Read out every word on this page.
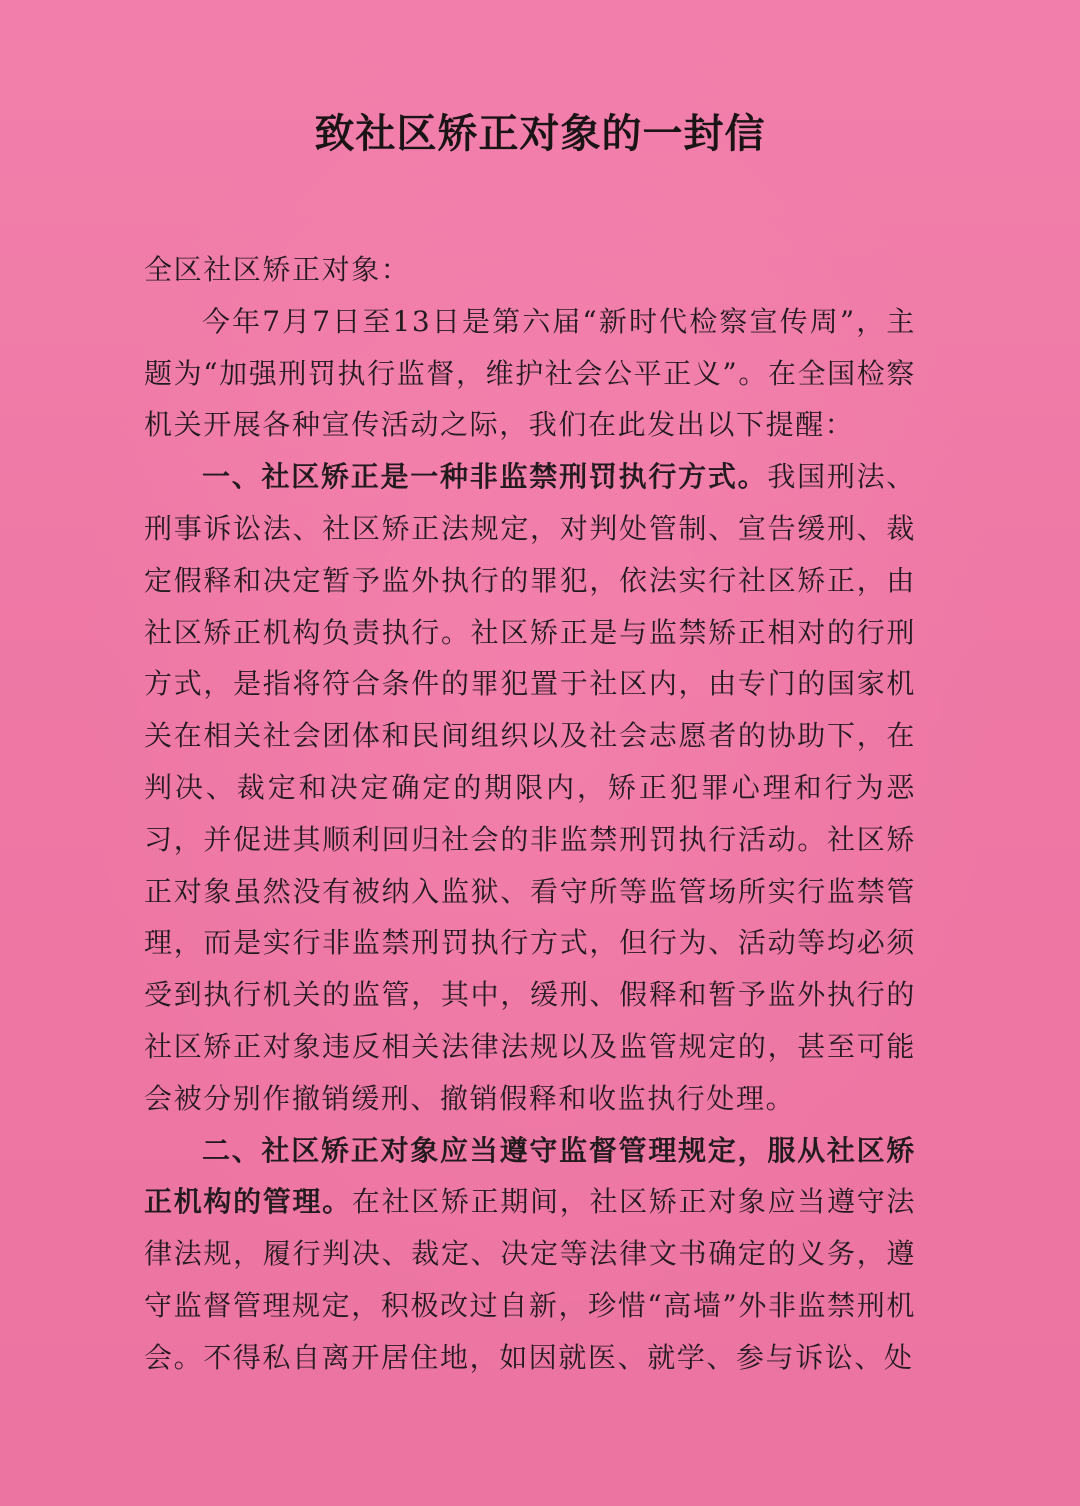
致社区矫正对象的一封信

全区社区矫正对象：

今年7月7日至13日是第六届“新时代检察宣传周”，主题为“加强刑罚执行监督，维护社会公平正义”。在全国检察机关开展各种宣传活动之际，我们在此发出以下提醒：

一、社区矫正是一种非监禁刑罚执行方式。我国刑法、刑事诉讼法、社区矫正法规定，对判处管制、宣告缓刑、裁定假释和决定暂予监外执行的罪犯，依法实行社区矫正，由社区矫正机构负责执行。社区矫正是与监禁矫正相对的行刑方式，是指将符合条件的罪犯置于社区内，由专门的国家机关在相关社会团体和民间组织以及社会志愿者的协助下，在判决、裁定和决定确定的期限内，矫正犯罪心理和行为恶习，并促进其顺利回归社会的非监禁刑罚执行活动。社区矫正对象虽然没有被纳入监狱、看守所等监管场所实行监禁管理，而是实行非监禁刑罚执行方式，但行为、活动等均必须受到执行机关的监管，其中，缓刑、假释和暂予监外执行的社区矫正对象违反相关法律法规以及监管规定的，甚至可能会被分别作撤销缓刑、撤销假释和收监执行处理。

二、社区矫正对象应当遵守监督管理规定，服从社区矫正机构的管理。在社区矫正期间，社区矫正对象应当遵守法律法规，履行判决、裁定、决定等法律文书确定的义务，遵守监督管理规定，积极改过自新，珍惜“高墙”外非监禁刑机会。不得私自离开居住地，如因就医、就学、参与诉讼、处
